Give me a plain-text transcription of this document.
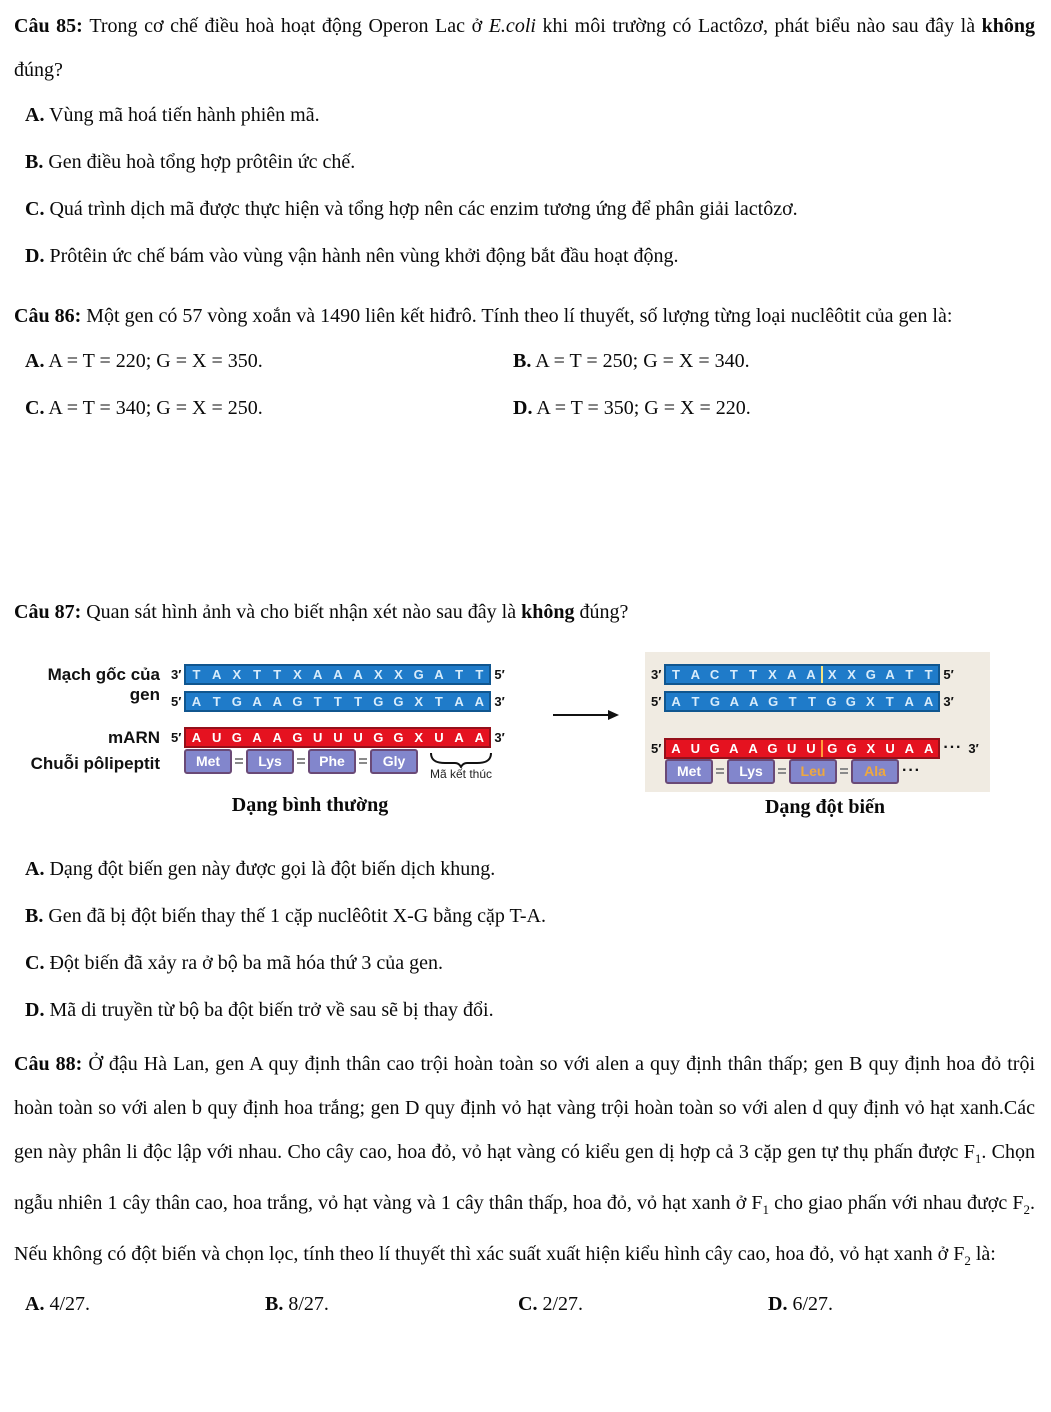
Câu 85: Trong cơ chế điều hoà hoạt động Operon Lac ở E.coli khi môi trường có Lactôzơ, phát biểu nào sau đây là không đúng?

A. Vùng mã hoá tiến hành phiên mã.

B. Gen điều hoà tổng hợp prôtêin ức chế.

C. Quá trình dịch mã được thực hiện và tổng hợp nên các enzim tương ứng để phân giải lactôzơ.

D. Prôtêin ức chế bám vào vùng vận hành nên vùng khởi động bắt đầu hoạt động.

Câu 86: Một gen có 57 vòng xoắn và 1490 liên kết hiđrô. Tính theo lí thuyết, số lượng từng loại nuclêôtit của gen là:

A. A = T = 220; G = X = 350.	B. A = T = 250; G = X = 340.

C. A = T = 340; G = X = 250.	D. A = T = 350; G = X = 220.

Câu 87: Quan sát hình ảnh và cho biết nhận xét nào sau đây là không đúng?

Mạch gốc của gen
mARN
Chuỗi pôlipeptit
3′ T A X T T X A A A X X G A T T 5′
5′ A T G A A G T T T G G X T A A 3′
5′ A U G A A G U U U G G X U A A 3′
Met	Lys	Phe	Gly
Mã kết thúc
3′ T A C T T X A A X X G A T T 5′
5′ A T G A A G T T G G X T A A 3′
5′ A U G A A G U U G G X U A A ··· 3′
Met	Lys	Leu	Ala	···
Dạng bình thường	Dạng đột biến

A. Dạng đột biến gen này được gọi là đột biến dịch khung.

B. Gen đã bị đột biến thay thế 1 cặp nuclêôtit X-G bằng cặp T-A.

C. Đột biến đã xảy ra ở bộ ba mã hóa thứ 3 của gen.

D. Mã di truyền từ bộ ba đột biến trở về sau sẽ bị thay đổi.

Câu 88: Ở đậu Hà Lan, gen A quy định thân cao trội hoàn toàn so với alen a quy định thân thấp; gen B quy định hoa đỏ trội hoàn toàn so với alen b quy định hoa trắng; gen D quy định vỏ hạt vàng trội hoàn toàn so với alen d quy định vỏ hạt xanh.Các gen này phân li độc lập với nhau. Cho cây cao, hoa đỏ, vỏ hạt vàng có kiểu gen dị hợp cả 3 cặp gen tự thụ phấn được $F_1$. Chọn ngẫu nhiên 1 cây thân cao, hoa trắng, vỏ hạt vàng và 1 cây thân thấp, hoa đỏ, vỏ hạt xanh ở $F_1$ cho giao phấn với nhau được $F_2$. Nếu không có đột biến và chọn lọc, tính theo lí thuyết thì xác suất xuất hiện kiểu hình cây cao, hoa đỏ, vỏ hạt xanh ở $F_2$ là:

A. 4/27.	B. 8/27.	C. 2/27.	D. 6/27.
